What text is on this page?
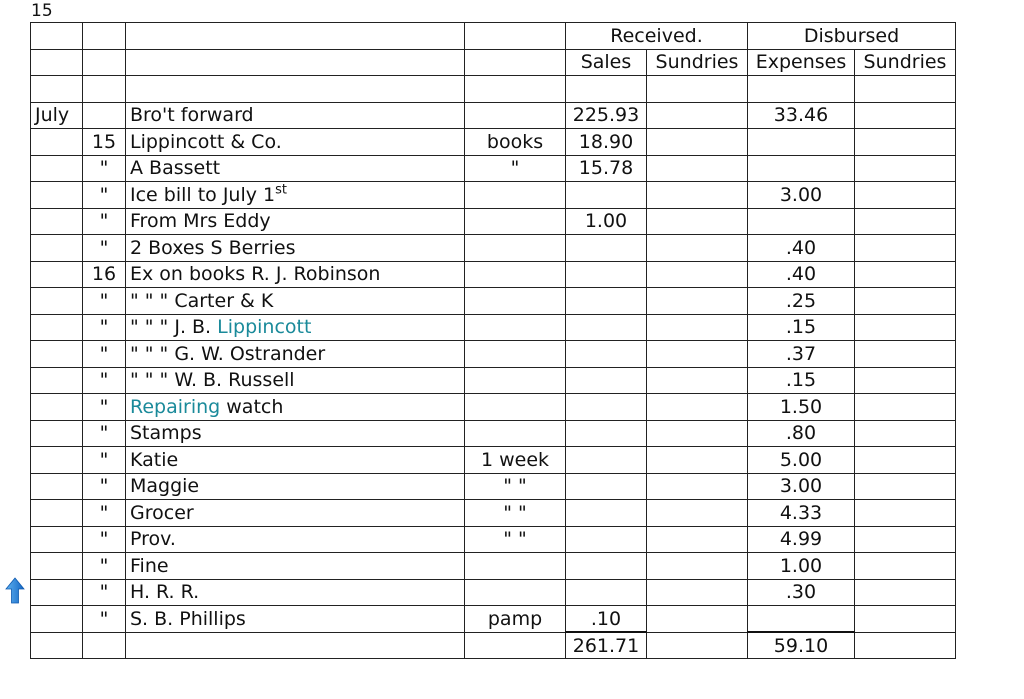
15
				Received.		Disbursed	
				Sales	Sundries	Expenses	Sundries

July		Bro't forward		225.93		33.46	
	15	Lippincott & Co.	books	18.90			
	"	A Bassett	"	15.78			
	"	Ice bill to July 1st				3.00	
	"	From Mrs Eddy		1.00			
	"	2 Boxes S Berries				.40	
	16	Ex on books R. J. Robinson				.40	
	"	" " " Carter & K				.25	
	"	" " " J. B. Lippincott				.15	
	"	" " " G. W. Ostrander				.37	
	"	" " " W. B. Russell				.15	
	"	Repairing watch				1.50	
	"	Stamps				.80	
	"	Katie	1 week			5.00	
	"	Maggie	" "			3.00	
	"	Grocer	" "			4.33	
	"	Prov.	" "			4.99	
	"	Fine				1.00	
	"	H. R. R.				.30	
	"	S. B. Phillips	pamp	.10			
				261.71		59.10	
